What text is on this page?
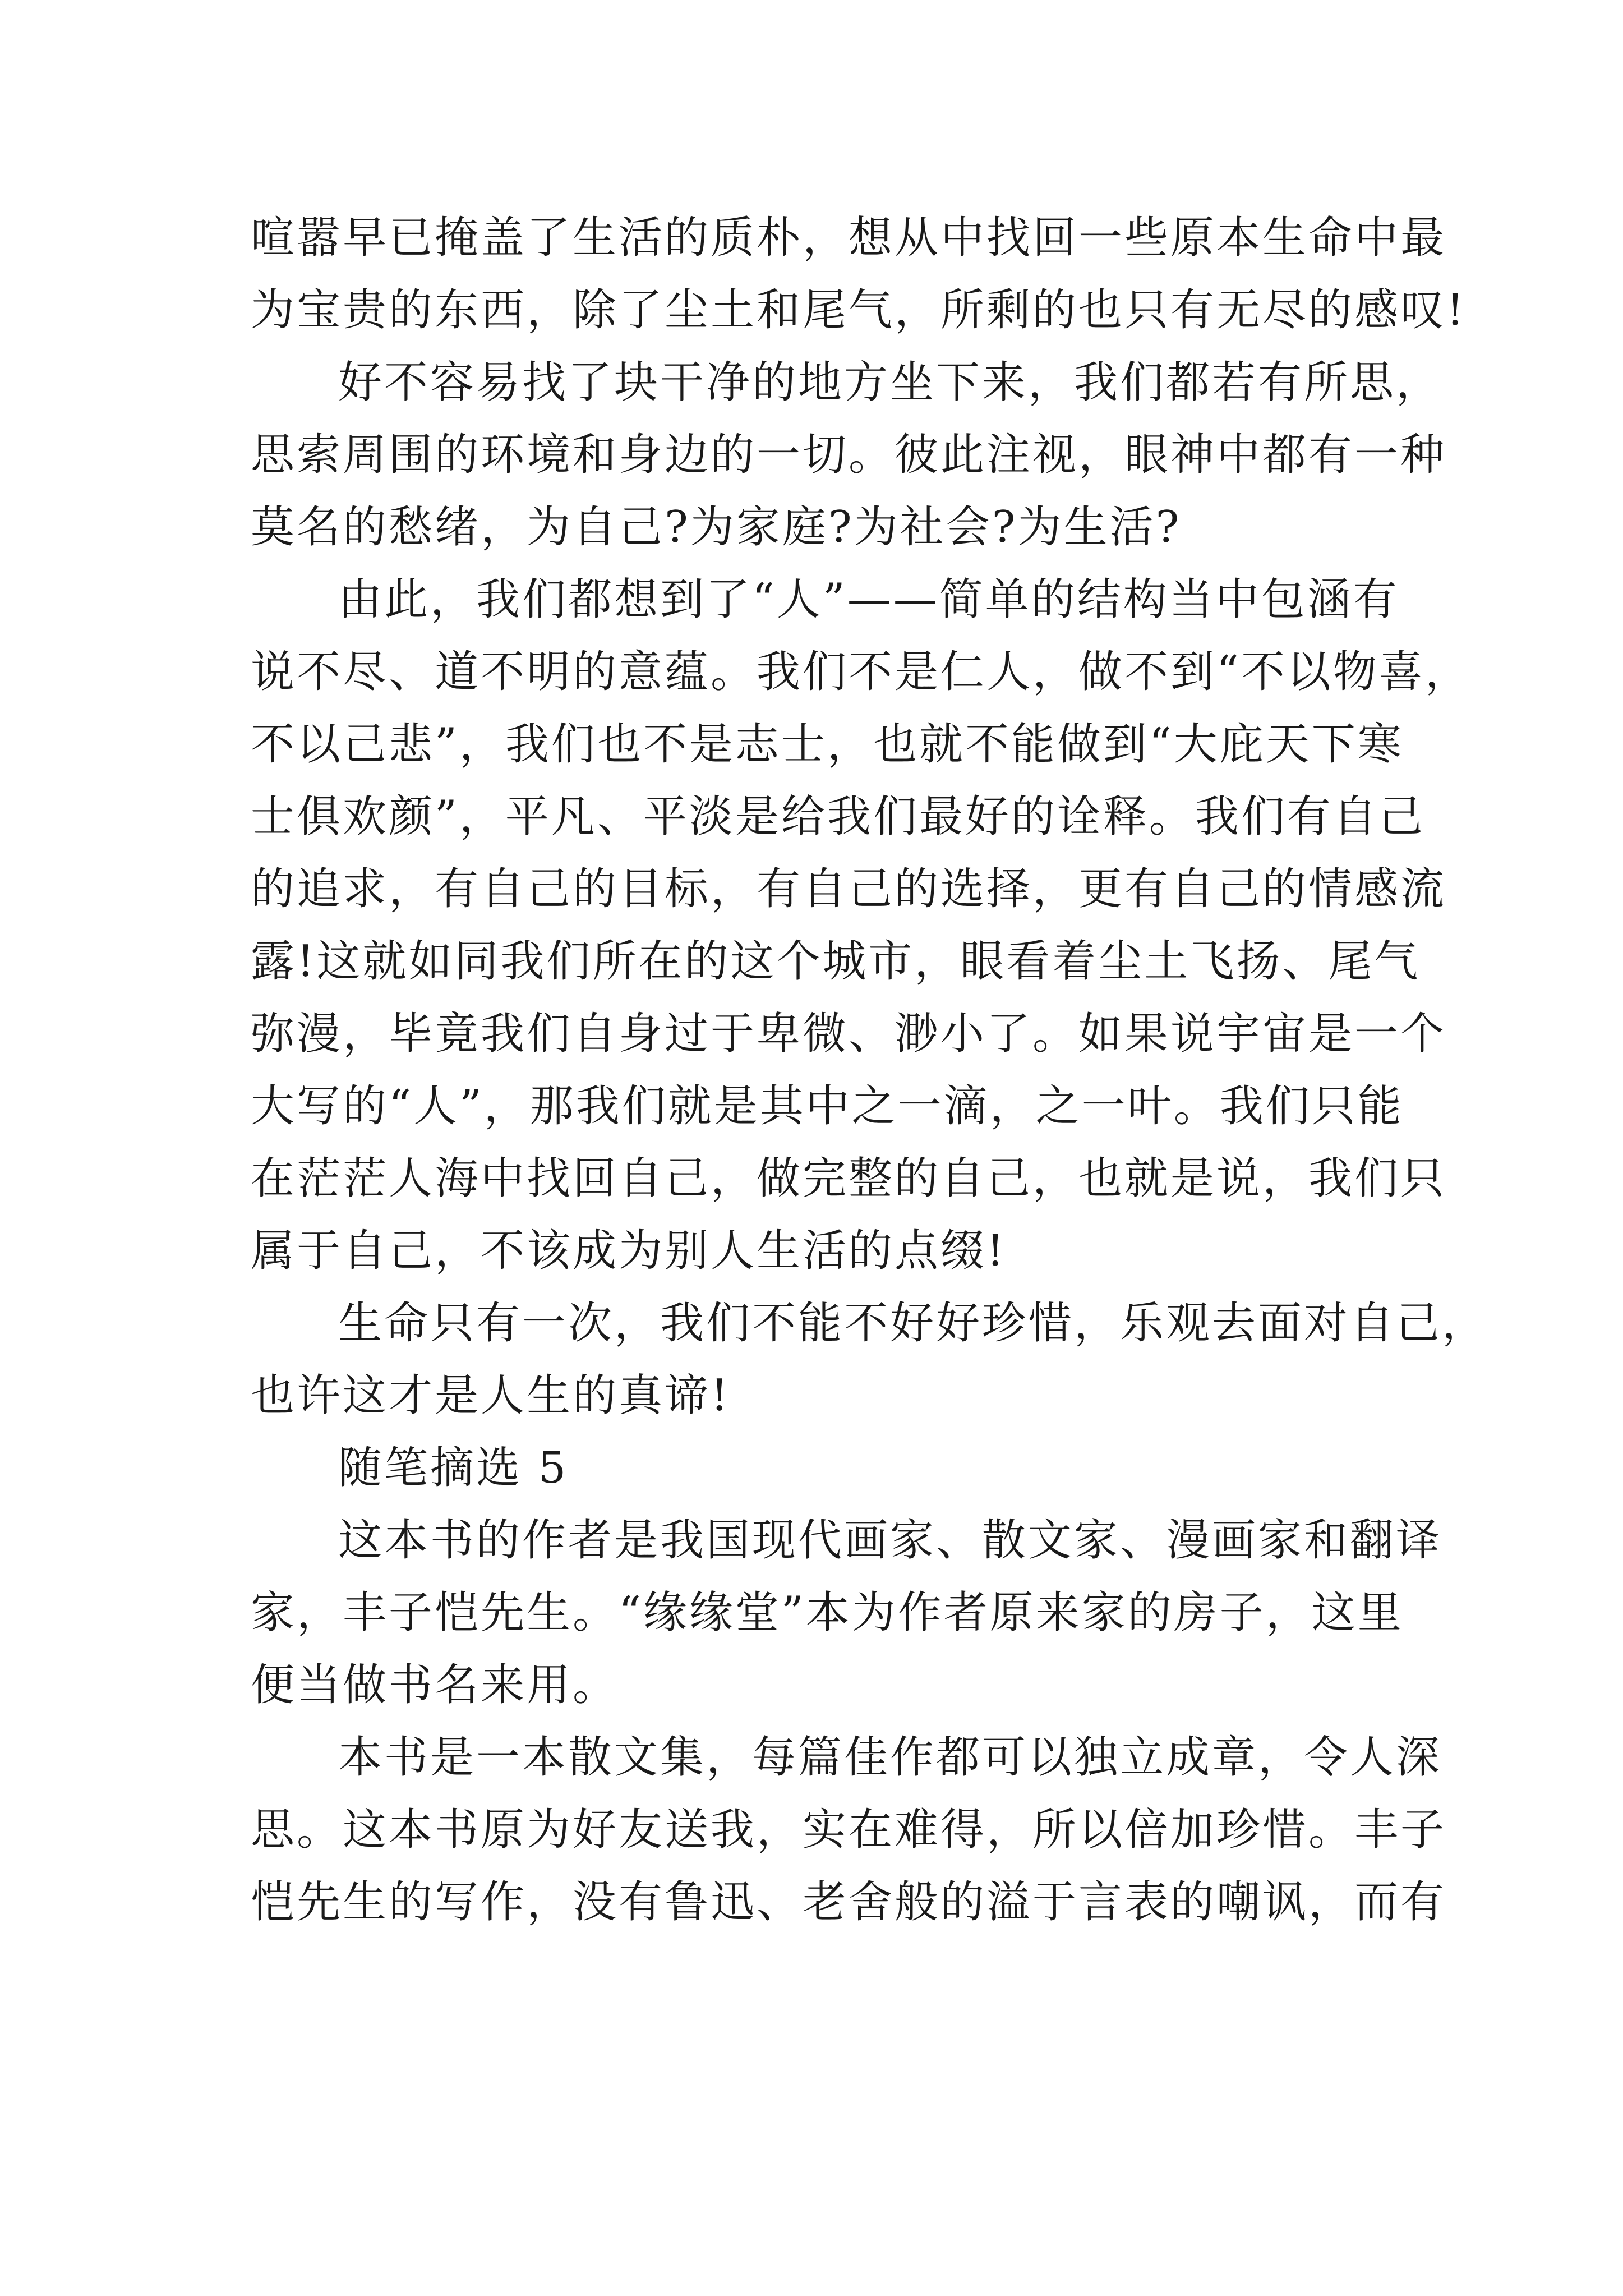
喧嚣早已掩盖了生活的质朴，想从中找回一些原本生命中最
为宝贵的东西，除了尘土和尾气，所剩的也只有无尽的感叹!
好不容易找了块干净的地方坐下来，我们都若有所思，
思索周围的环境和身边的一切。彼此注视，眼神中都有一种
莫名的愁绪，为自己?为家庭?为社会?为生活?
由此，我们都想到了“人”——简单的结构当中包涵有
说不尽、道不明的意蕴。我们不是仁人，做不到“不以物喜，
不以己悲”，我们也不是志士，也就不能做到“大庇天下寒
士俱欢颜”，平凡、平淡是给我们最好的诠释。我们有自己
的追求，有自己的目标，有自己的选择，更有自己的情感流
露!这就如同我们所在的这个城市，眼看着尘土飞扬、尾气
弥漫，毕竟我们自身过于卑微、渺小了。如果说宇宙是一个
大写的“人”，那我们就是其中之一滴，之一叶。我们只能
在茫茫人海中找回自己，做完整的自己，也就是说，我们只
属于自己，不该成为别人生活的点缀!
生命只有一次，我们不能不好好珍惜，乐观去面对自己，
也许这才是人生的真谛!
随笔摘选 5
这本书的作者是我国现代画家、散文家、漫画家和翻译
家，丰子恺先生。“缘缘堂”本为作者原来家的房子，这里
便当做书名来用。
本书是一本散文集，每篇佳作都可以独立成章，令人深
思。这本书原为好友送我，实在难得，所以倍加珍惜。丰子
恺先生的写作，没有鲁迅、老舍般的溢于言表的嘲讽，而有
